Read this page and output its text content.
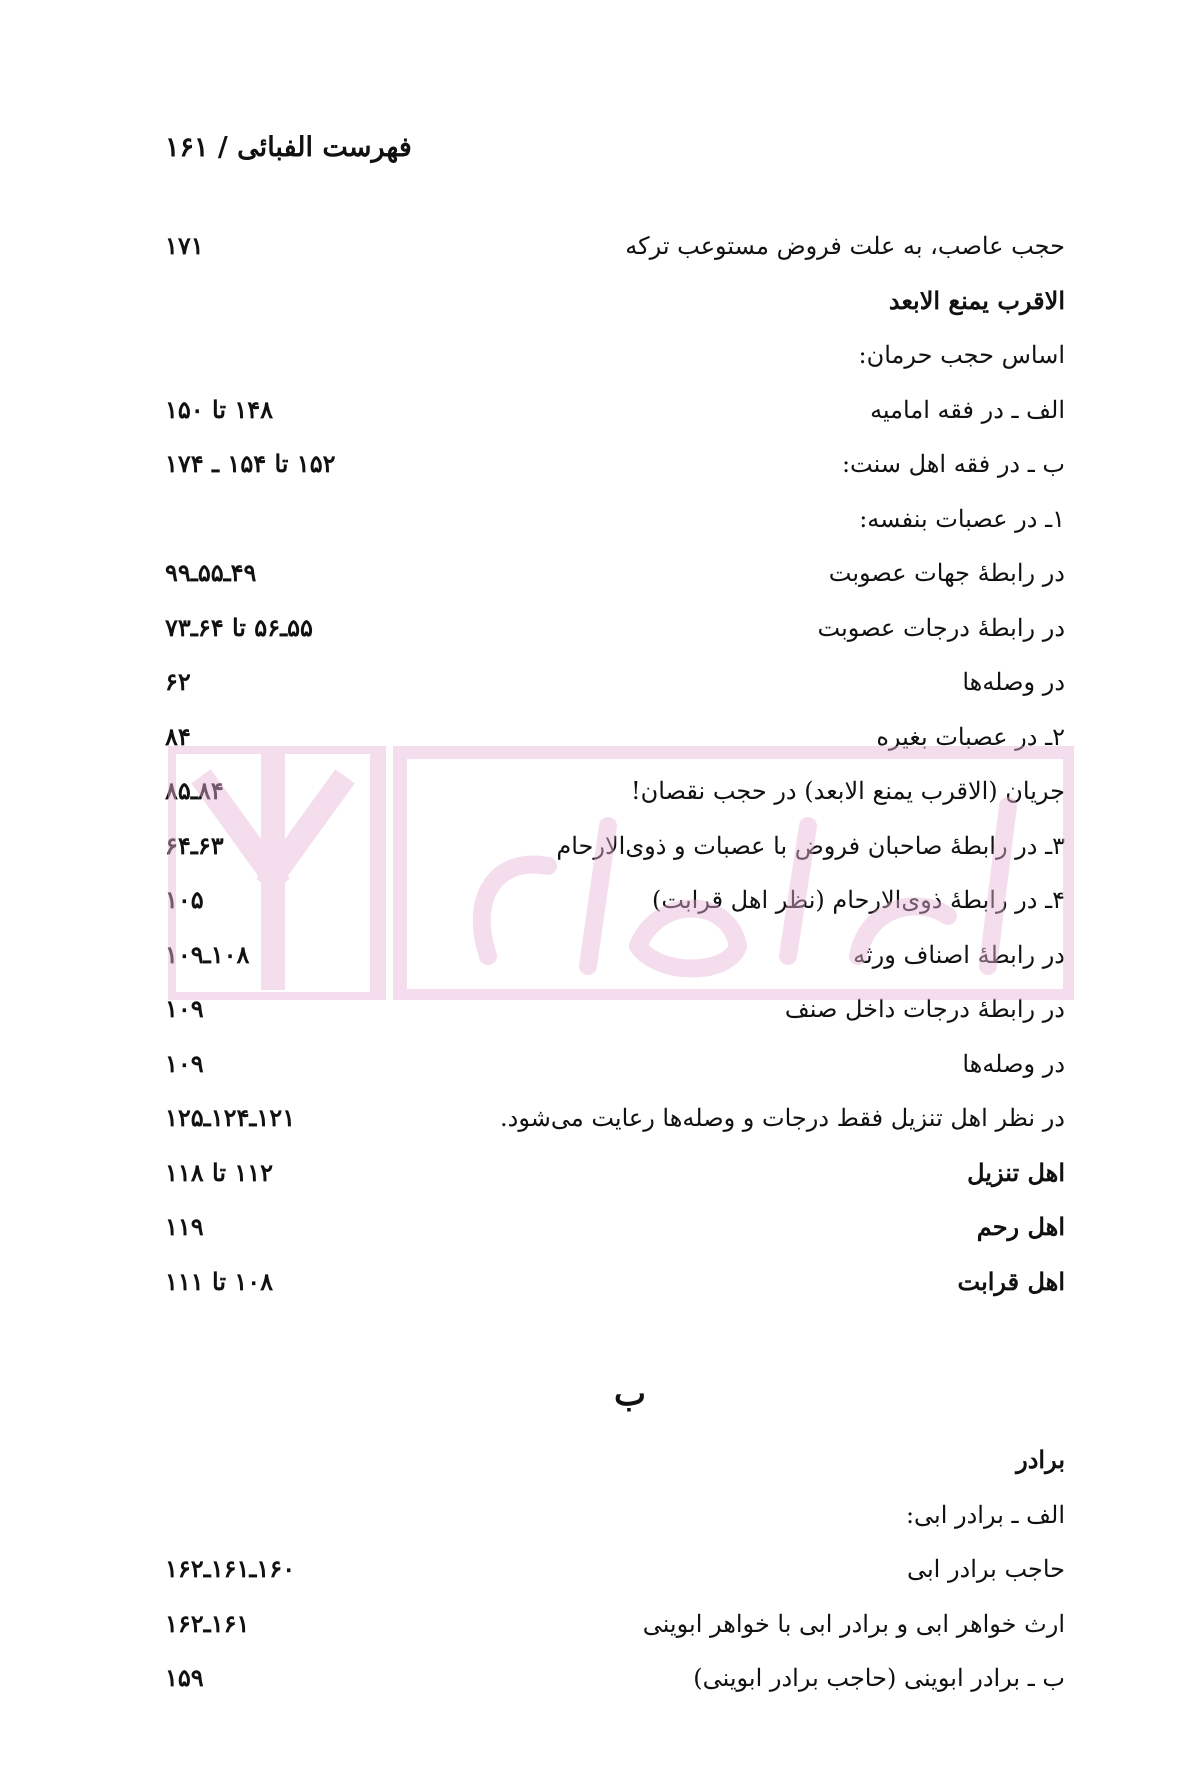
فهرست الفبائی / ۱۶۱
حجب عاصب، به علت فروض مستوعب ترکه
۱۷۱
الاقرب یمنع الابعد
اساس حجب حرمان:
الف ـ در فقه امامیه
۱۴۸ تا ۱۵۰
ب ـ در فقه اهل سنت:
۱۵۲ تا ۱۵۴ ـ ۱۷۴
۱ـ در عصبات بنفسه:
در رابطهٔ جهات عصوبت
۴۹ـ۵۵ـ۹۹
در رابطهٔ درجات عصوبت
۵۵ـ۵۶ تا ۶۴ـ۷۳
در وصله‌ها
۶۲
۲ـ در عصبات بغیره
۸۴
جریان (الاقرب یمنع الابعد) در حجب نقصان!
۸۴ـ۸۵
۳ـ در رابطهٔ صاحبان فروض با عصبات و ذوی‌الارحام
۶۳ـ۶۴
۴ـ در رابطهٔ ذوی‌الارحام (نظر اهل قرابت)
۱۰۵
در رابطهٔ اصناف ورثه
۱۰۸ـ۱۰۹
در رابطهٔ درجات داخل صنف
۱۰۹
در وصله‌ها
۱۰۹
در نظر اهل تنزیل فقط درجات و وصله‌ها رعایت می‌شود.
۱۲۱ـ۱۲۴ـ۱۲۵
اهل تنزیل
۱۱۲ تا ۱۱۸
اهل رحم
۱۱۹
اهل قرابت
۱۰۸ تا ۱۱۱
ب
برادر
الف ـ برادر ابی:
حاجب برادر ابی
۱۶۰ـ۱۶۱ـ۱۶۲
ارث خواهر ابی و برادر ابی با خواهر ابوینی
۱۶۱ـ۱۶۲
ب ـ برادر ابوینی (حاجب برادر ابوینی)
۱۵۹
